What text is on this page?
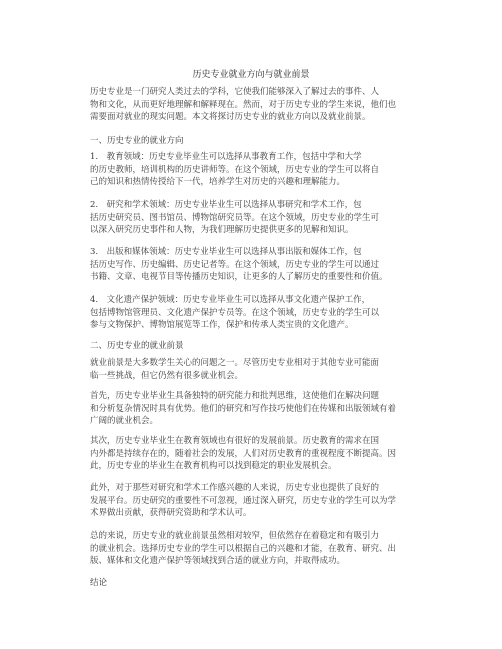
历史专业就业方向与就业前景

历史专业是一门研究人类过去的学科，它使我们能够深入了解过去的事件、人
物和文化，从而更好地理解和解释现在。然而，对于历史专业的学生来说，他们也
需要面对就业的现实问题。本文将探讨历史专业的就业方向以及就业前景。

一、历史专业的就业方向

1.　教育领域：历史专业毕业生可以选择从事教育工作，包括中学和大学
的历史教师，培训机构的历史讲师等。在这个领域，历史专业的学生可以将自
己的知识和热情传授给下一代，培养学生对历史的兴趣和理解能力。

2.　研究和学术领域：历史专业毕业生可以选择从事研究和学术工作，包
括历史研究员、图书馆员、博物馆研究员等。在这个领域，历史专业的学生可
以深入研究历史事件和人物，为我们理解历史提供更多的见解和知识。

3.　出版和媒体领域：历史专业毕业生可以选择从事出版和媒体工作，包
括历史写作、历史编辑、历史记者等。在这个领域，历史专业的学生可以通过
书籍、文章、电视节目等传播历史知识，让更多的人了解历史的重要性和价值。

4.　文化遗产保护领域：历史专业毕业生可以选择从事文化遗产保护工作，
包括博物馆管理员、文化遗产保护专员等。在这个领域，历史专业的学生可以
参与文物保护、博物馆展览等工作，保护和传承人类宝贵的文化遗产。

二、历史专业的就业前景

就业前景是大多数学生关心的问题之一。尽管历史专业相对于其他专业可能面
临一些挑战，但它仍然有很多就业机会。

首先，历史专业毕业生具备独特的研究能力和批判思维，这使他们在解决问题
和分析复杂情况时具有优势。他们的研究和写作技巧使他们在传媒和出版领域有着
广阔的就业机会。

其次，历史专业毕业生在教育领域也有很好的发展前景。历史教育的需求在国
内外都是持续存在的，随着社会的发展，人们对历史教育的重视程度不断提高。因
此，历史专业的毕业生在教育机构可以找到稳定的职业发展机会。

此外，对于那些对研究和学术工作感兴趣的人来说，历史专业也提供了良好的
发展平台。历史研究的重要性不可忽视，通过深入研究，历史专业的学生可以为学
术界做出贡献，获得研究资助和学术认可。

总的来说，历史专业的就业前景虽然相对较窄，但依然存在着稳定和有吸引力
的就业机会。选择历史专业的学生可以根据自己的兴趣和才能，在教育、研究、出
版、媒体和文化遗产保护等领域找到合适的就业方向，并取得成功。

结论
